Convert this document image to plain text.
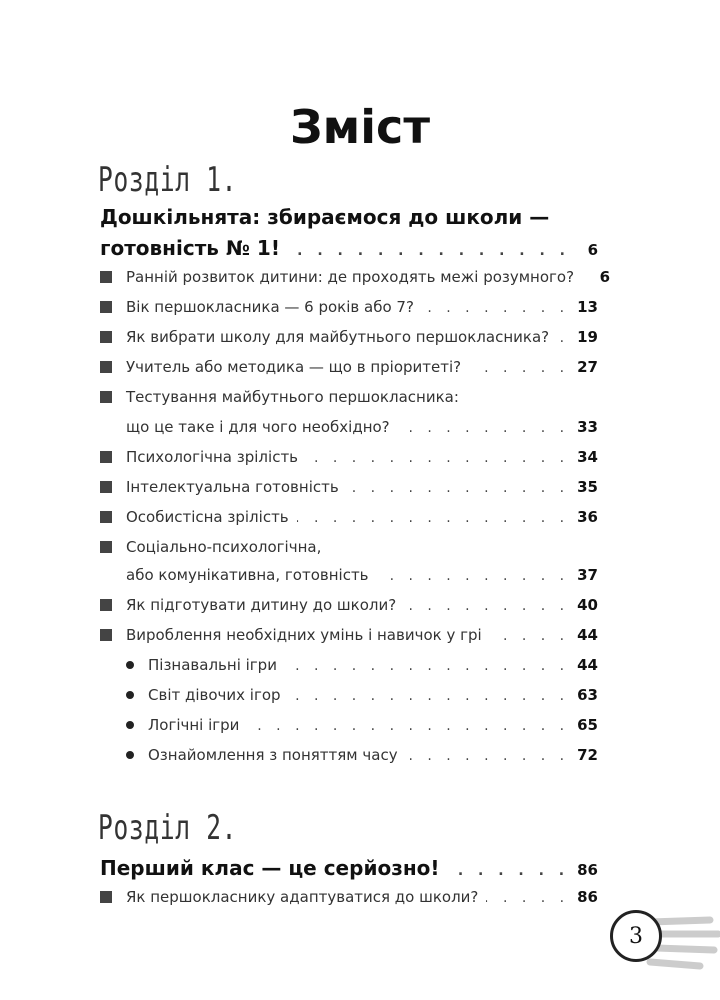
Зміст
Розділ 1.
Дошкільнята: збираємося до школи —
готовність № 1! . . .	6
Ранній розвиток дитини: де проходять межі розумного?	6
Вік першокласника — 6 років або 7? . . .	13
Як вибрати школу для майбутнього першокласника? . . . 19
Учитель або методика — що в пріоритеті? . . .	27
Тестування майбутнього першокласника:
що це таке і для чого необхідно? . . .	33
Психологічна зрілість . . .	34
Інтелектуальна готовність . . .	35
Особистісна зрілість . . .	36
Соціально-психологічна,
або комунікативна, готовність . . .	37
Як підготувати дитину до школи? . . .	40
Вироблення необхідних умінь і навичок у грі . . .	44
Пізнавальні ігри . . .	44
Світ дівочих ігор . . .	63
Логічні ігри . . .	65
Ознайомлення з поняттям часу . . .	72
Розділ 2.
Перший клас — це серйозно! . . .	86
Як першокласнику адаптуватися до школи? . . .	86
3
